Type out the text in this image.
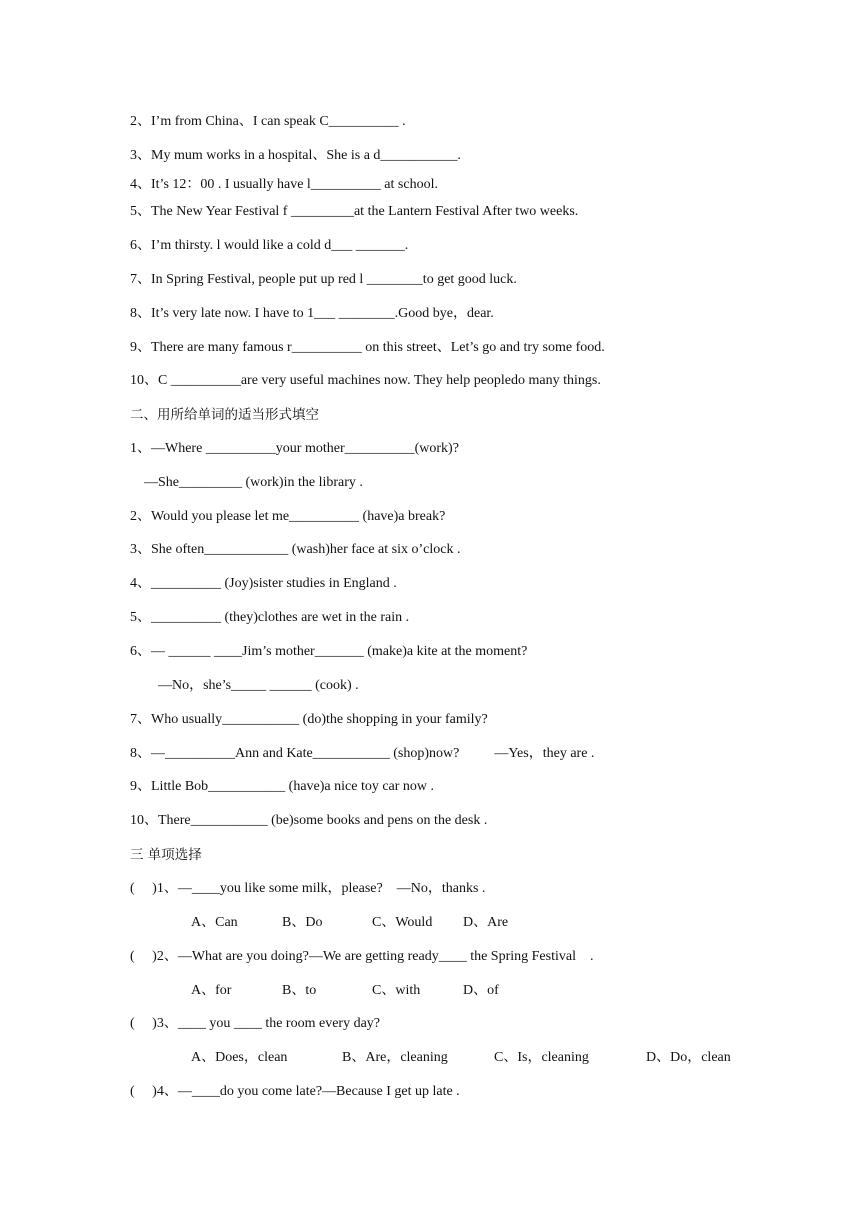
2、I’m from China、I can speak C__________ .
3、My mum works in a hospital、She is a d___________.
4、It’s 12：00 . I usually have l__________ at school.
5、The New Year Festival f _________at the Lantern Festival After two weeks.
6、I’m thirsty. l would like a cold d___ _______.
7、In Spring Festival, people put up red l ________to get good luck.
8、It’s very late now. I have to 1___ ________.Good bye，dear.
9、There are many famous r__________ on this street、Let’s go and try some food.
10、C __________are very useful machines now. They help peopledo many things.
二、用所给单词的适当形式填空
1、—Where __________your mother__________(work)?
—She_________ (work)in the library .
2、Would you please let me__________ (have)a break?
3、She often____________ (wash)her face at six o’clock .
4、__________ (Joy)sister studies in England .
5、__________ (they)clothes are wet in the rain .
6、— ______ ____Jim’s mother_______ (make)a kite at the moment?
—No，she’s_____ ______ (cook) .
7、Who usually___________ (do)the shopping in your family?
8、—__________Ann and Kate___________ (shop)now?          —Yes，they are .
9、Little Bob___________ (have)a nice toy car now .
10、There___________ (be)some books and pens on the desk .
三 单项选择
(     )1、—____you like some milk，please?    —No，thanks .
A、Can	B、Do	C、Would D、Are
(     )2、—What are you doing?—We are getting ready____ the Spring Festival    .
A、for	B、to	C、with	D、of
(     )3、____ you ____ the room every day?
A、Does，clean	B、Are，cleaning	C、Is，cleaning	D、Do，clean
(     )4、—____do you come late?—Because I get up late .
